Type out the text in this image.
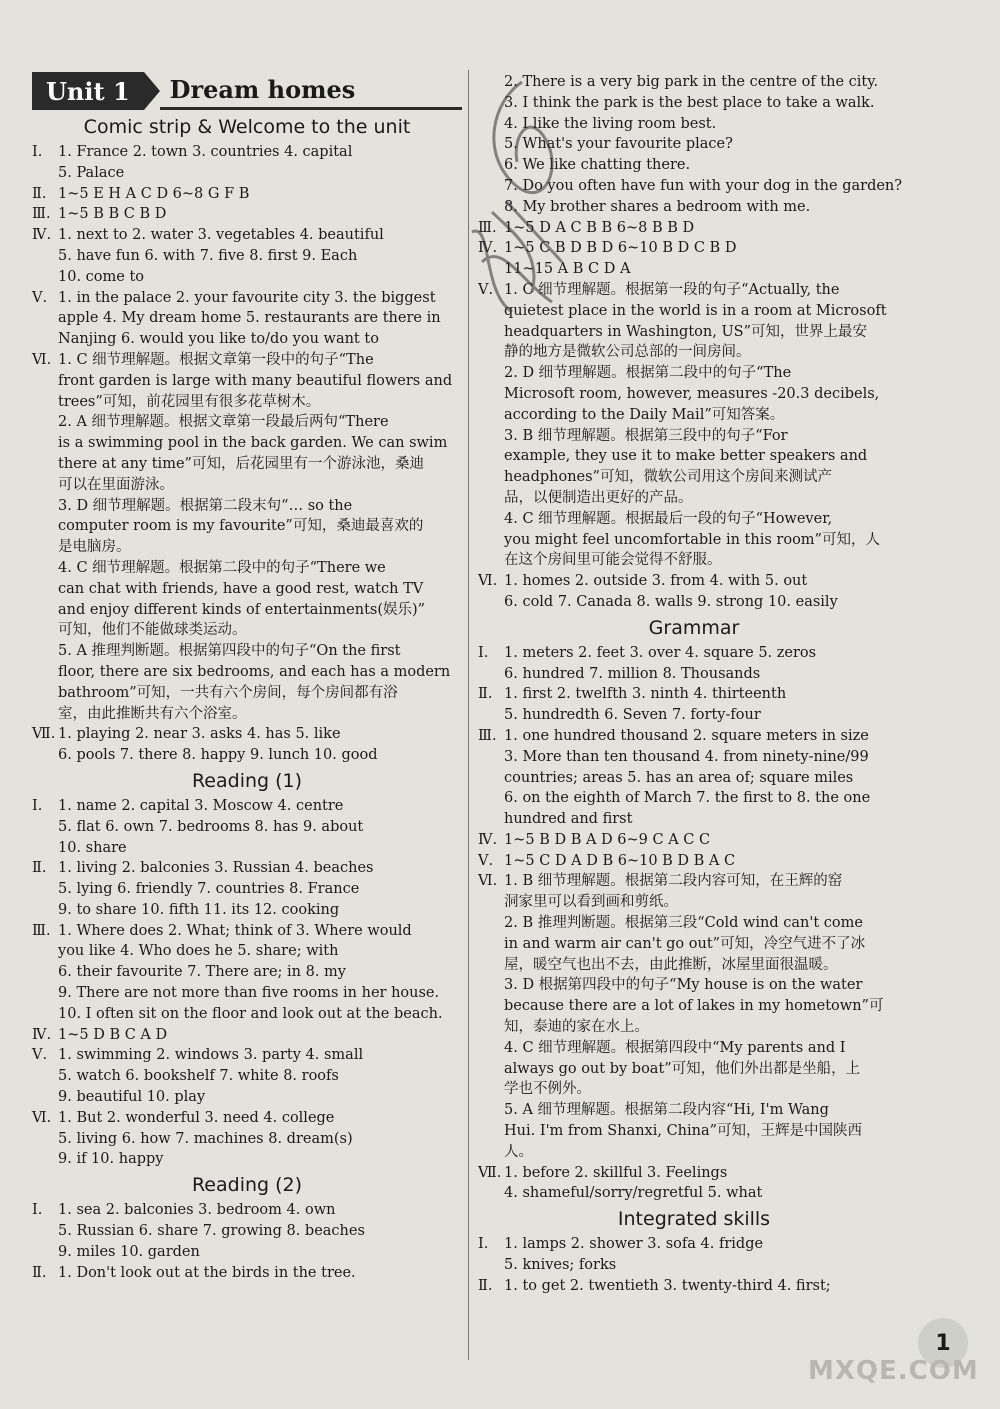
Unit 1	Dream homes
Comic strip & Welcome to the unit
Ⅰ.	1. France 2. town 3. countries 4. capital
5. Palace
Ⅱ. 1~5 E H A C D 6~8 G F B
Ⅲ. 1~5 B B C B D
Ⅳ. 1. next to 2. water 3. vegetables 4. beautiful
5. have fun 6. with 7. five 8. first 9. Each
10. come to
Ⅴ. 1. in the palace 2. your favourite city 3. the biggest
apple 4. My dream home 5. restaurants are there in
Nanjing 6. would you like to/do you want to
Ⅵ. 1. C 细节理解题。根据文章第一段中的句子“The
front garden is large with many beautiful flowers and
trees”可知，前花园里有很多花草树木。
2. A 细节理解题。根据文章第一段最后两句“There
is a swimming pool in the back garden. We can swim
there at any time”可知，后花园里有一个游泳池，桑迪
可以在里面游泳。
3. D 细节理解题。根据第二段末句“… so the
computer room is my favourite”可知，桑迪最喜欢的
是电脑房。
4. C 细节理解题。根据第二段中的句子“There we
can chat with friends, have a good rest, watch TV
and enjoy different kinds of entertainments(娱乐)”
可知，他们不能做球类运动。
5. A 推理判断题。根据第四段中的句子“On the first
floor, there are six bedrooms, and each has a modern
bathroom”可知，一共有六个房间，每个房间都有浴
室，由此推断共有六个浴室。
Ⅶ. 1. playing 2. near 3. asks 4. has 5. like
6. pools 7. there 8. happy 9. lunch 10. good
Reading (1)
Ⅰ.	1. name 2. capital 3. Moscow 4. centre
5. flat 6. own 7. bedrooms 8. has 9. about
10. share
Ⅱ. 1. living 2. balconies 3. Russian 4. beaches
5. lying 6. friendly 7. countries 8. France
9. to share 10. fifth 11. its 12. cooking
Ⅲ. 1. Where does 2. What; think of 3. Where would
you like 4. Who does he 5. share; with
6. their favourite 7. There are; in 8. my
9. There are not more than five rooms in her house.
10. I often sit on the floor and look out at the beach.
Ⅳ. 1~5 D B C A D
Ⅴ. 1. swimming 2. windows 3. party 4. small
5. watch 6. bookshelf 7. white 8. roofs
9. beautiful 10. play
Ⅵ. 1. But 2. wonderful 3. need 4. college
5. living 6. how 7. machines 8. dream(s)
9. if 10. happy
Reading (2)
Ⅰ.	1. sea 2. balconies 3. bedroom 4. own
5. Russian 6. share 7. growing 8. beaches
9. miles 10. garden
Ⅱ. 1. Don't look out at the birds in the tree.
2. There is a very big park in the centre of the city.
3. I think the park is the best place to take a walk.
4. I like the living room best.
5. What's your favourite place?
6. We like chatting there.
7. Do you often have fun with your dog in the garden?
8. My brother shares a bedroom with me.
Ⅲ. 1~5 D A C B B 6~8 B B D
Ⅳ. 1~5 C B D B D 6~10 B D C B D
11~15 A B C D A
Ⅴ. 1. C 细节理解题。根据第一段的句子“Actually, the
quietest place in the world is in a room at Microsoft
headquarters in Washington, US”可知，世界上最安
静的地方是微软公司总部的一间房间。
2. D 细节理解题。根据第二段中的句子“The
Microsoft room, however, measures -20.3 decibels,
according to the Daily Mail”可知答案。
3. B 细节理解题。根据第三段中的句子“For
example, they use it to make better speakers and
headphones”可知，微软公司用这个房间来测试产
品，以便制造出更好的产品。
4. C 细节理解题。根据最后一段的句子“However,
you might feel uncomfortable in this room”可知，人
在这个房间里可能会觉得不舒服。
Ⅵ. 1. homes 2. outside 3. from 4. with 5. out
6. cold 7. Canada 8. walls 9. strong 10. easily
Grammar
Ⅰ.	1. meters 2. feet 3. over 4. square 5. zeros
6. hundred 7. million 8. Thousands
Ⅱ. 1. first 2. twelfth 3. ninth 4. thirteenth
5. hundredth 6. Seven 7. forty-four
Ⅲ. 1. one hundred thousand 2. square meters in size
3. More than ten thousand 4. from ninety-nine/99
countries; areas 5. has an area of; square miles
6. on the eighth of March 7. the first to 8. the one
hundred and first
Ⅳ. 1~5 B D B A D 6~9 C A C C
Ⅴ. 1~5 C D A D B 6~10 B D B A C
Ⅵ. 1. B 细节理解题。根据第二段内容可知，在王辉的窑
洞家里可以看到画和剪纸。
2. B 推理判断题。根据第三段“Cold wind can't come
in and warm air can't go out”可知，冷空气进不了冰
屋，暖空气也出不去，由此推断，冰屋里面很温暖。
3. D 根据第四段中的句子“My house is on the water
because there are a lot of lakes in my hometown”可
知，泰迪的家在水上。
4. C 细节理解题。根据第四段中“My parents and I
always go out by boat”可知，他们外出都是坐船，上
学也不例外。
5. A 细节理解题。根据第二段内容“Hi, I'm Wang
Hui. I'm from Shanxi, China”可知，王辉是中国陕西
人。
Ⅶ. 1. before 2. skillful 3. Feelings
4. shameful/sorry/regretful 5. what
Integrated skills
Ⅰ.	1. lamps 2. shower 3. sofa 4. fridge
5. knives; forks
Ⅱ. 1. to get 2. twentieth 3. twenty-third 4. first;
1
MXQE.COM
